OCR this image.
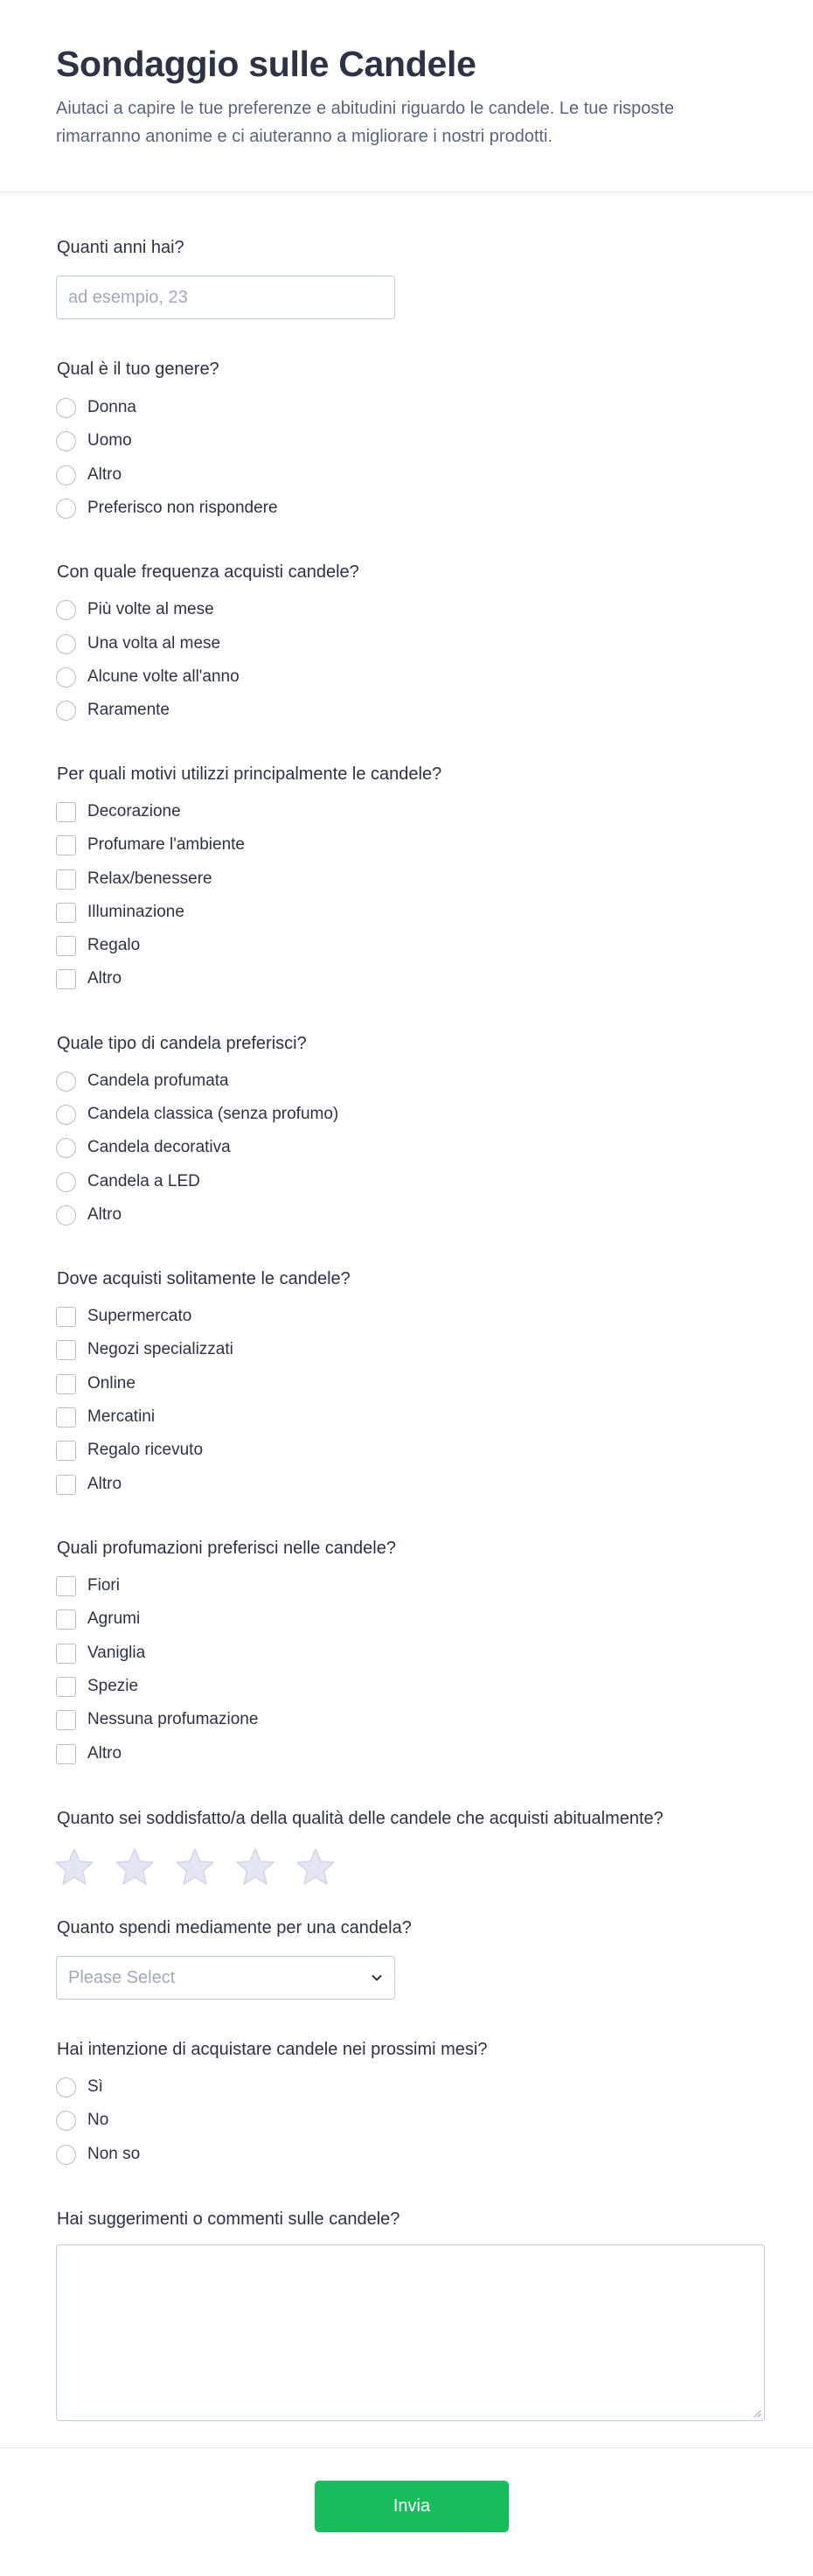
Sondaggio sulle Candele
Aiutaci a capire le tue preferenze e abitudini riguardo le candele. Le tue risposte rimarranno anonime e ci aiuteranno a migliorare i nostri prodotti.
Quanti anni hai?
ad esempio, 23
Qual è il tuo genere?
Donna
Uomo
Altro
Preferisco non rispondere
Con quale frequenza acquisti candele?
Più volte al mese
Una volta al mese
Alcune volte all'anno
Raramente
Per quali motivi utilizzi principalmente le candele?
Decorazione
Profumare l'ambiente
Relax/benessere
Illuminazione
Regalo
Altro
Quale tipo di candela preferisci?
Candela profumata
Candela classica (senza profumo)
Candela decorativa
Candela a LED
Altro
Dove acquisti solitamente le candele?
Supermercato
Negozi specializzati
Online
Mercatini
Regalo ricevuto
Altro
Quali profumazioni preferisci nelle candele?
Fiori
Agrumi
Vaniglia
Spezie
Nessuna profumazione
Altro
Quanto sei soddisfatto/a della qualità delle candele che acquisti abitualmente?
Quanto spendi mediamente per una candela?
Please Select
Hai intenzione di acquistare candele nei prossimi mesi?
Sì
No
Non so
Hai suggerimenti o commenti sulle candele?
Invia
